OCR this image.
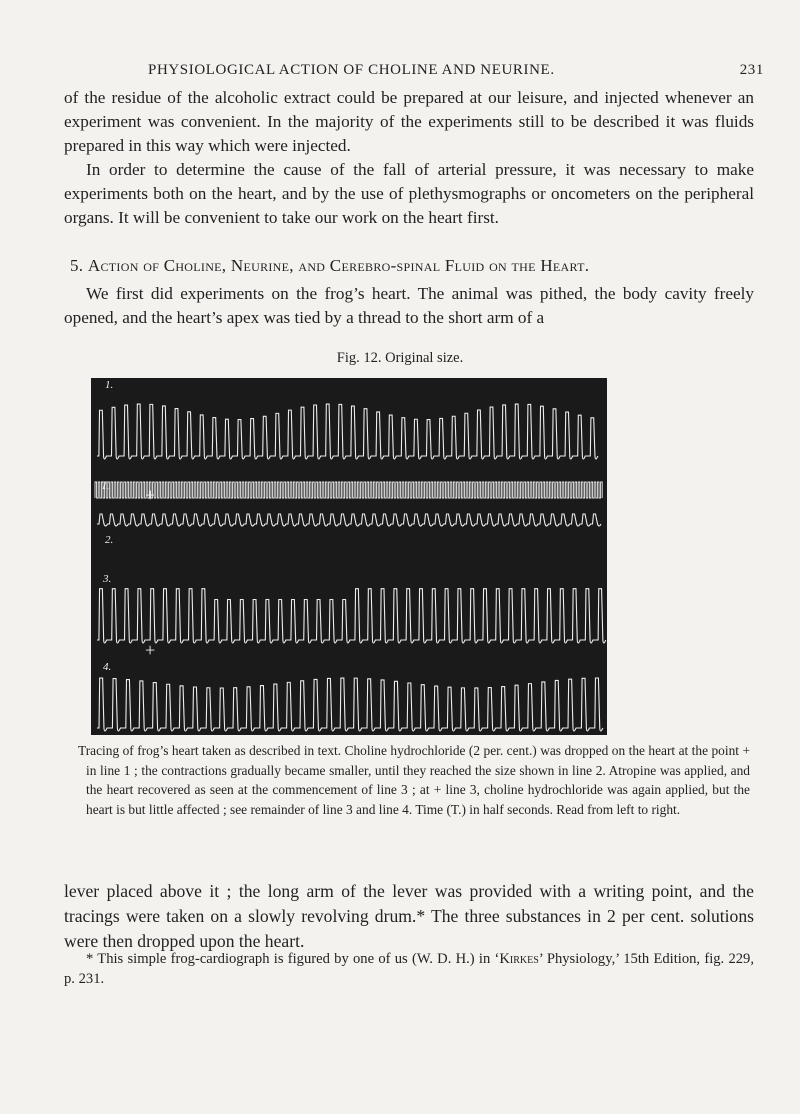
PHYSIOLOGICAL ACTION OF CHOLINE AND NEURINE.	231

of the residue of the alcoholic extract could be prepared at our leisure, and injected whenever an experiment was convenient. In the majority of the experiments still to be described it was fluids prepared in this way which were injected.

In order to determine the cause of the fall of arterial pressure, it was necessary to make experiments both on the heart, and by the use of plethysmographs or oncometers on the peripheral organs. It will be convenient to take our work on the heart first.

5. Action of Choline, Neurine, and Cerebro-spinal Fluid on the Heart.

We first did experiments on the frog’s heart. The animal was pithed, the body cavity freely opened, and the heart’s apex was tied by a thread to the short arm of a

Fig. 12. Original size.
1.
+
T.
2.
3.
+
4.

Tracing of frog’s heart taken as described in text. Choline hydrochloride (2 per. cent.) was dropped on the heart at the point + in line 1 ; the contractions gradually became smaller, until they reached the size shown in line 2. Atropine was applied, and the heart recovered as seen at the commencement of line 3 ; at + line 3, choline hydrochloride was again applied, but the heart is but little affected ; see remainder of line 3 and line 4. Time (T.) in half seconds. Read from left to right.

lever placed above it ; the long arm of the lever was provided with a writing point, and the tracings were taken on a slowly revolving drum.* The three substances in 2 per cent. solutions were then dropped upon the heart.

* This simple frog-cardiograph is figured by one of us (W. D. H.) in ‘Kirkes’ Physiology,’ 15th Edition, fig. 229, p. 231.
